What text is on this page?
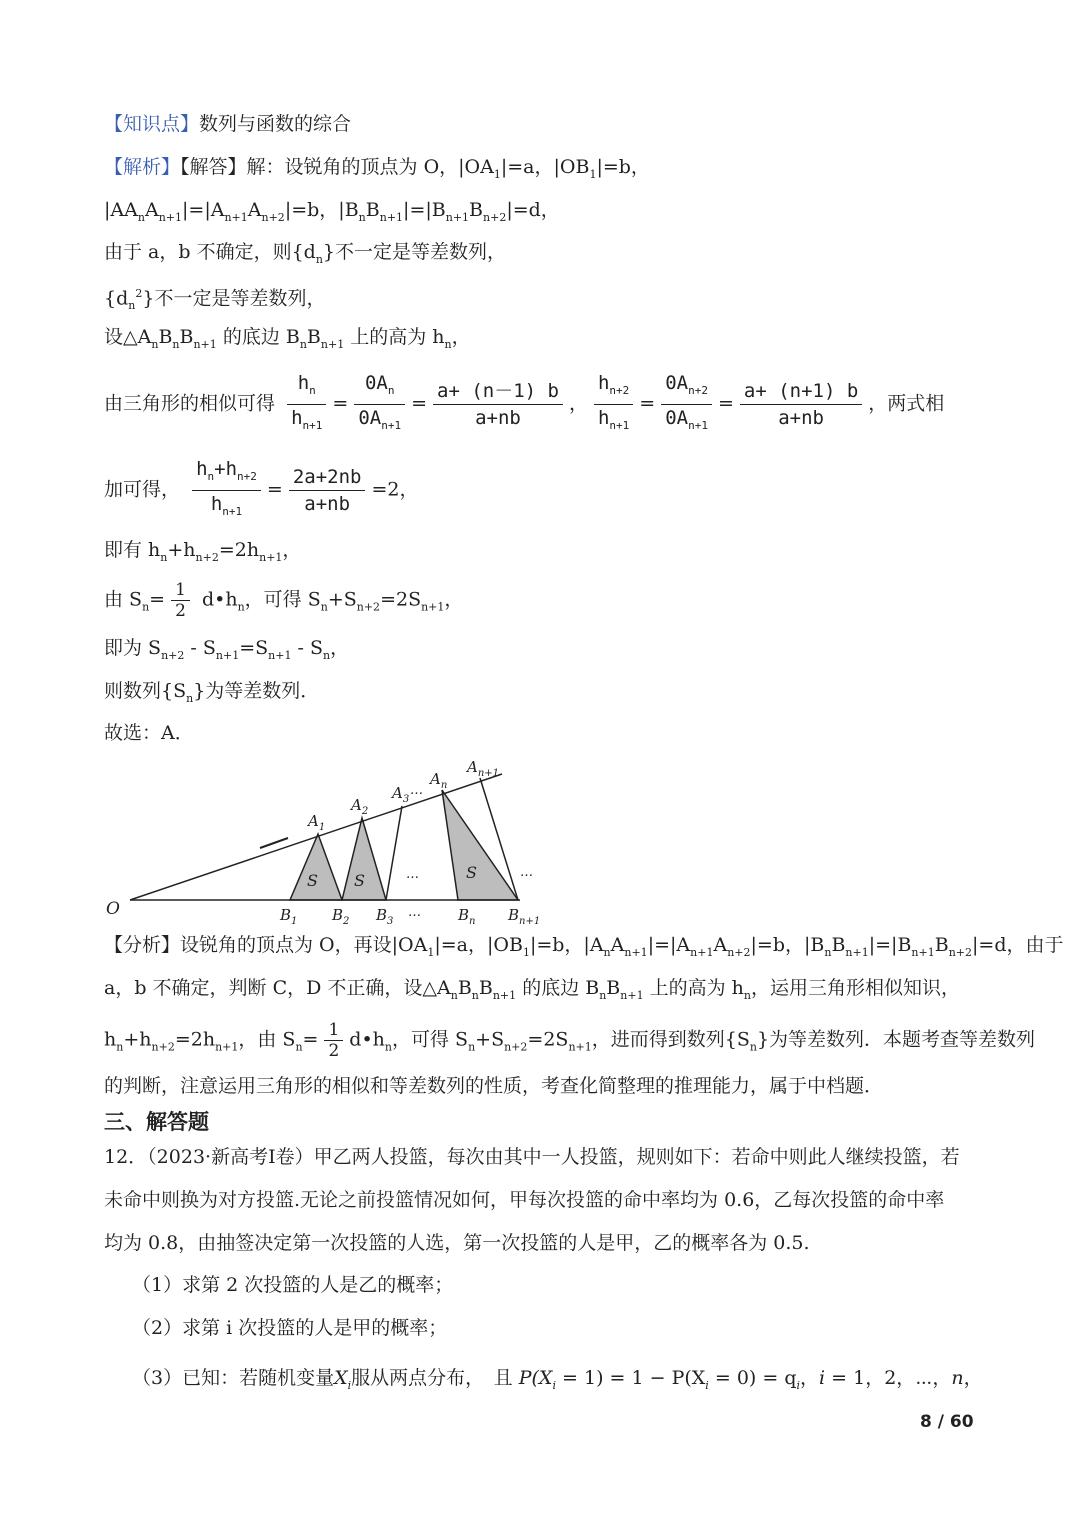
【知识点】数列与函数的综合
【解析】【解答】解：设锐角的顶点为 O，$|OA_1|=a$，$|OB_1|=b$，
$|AA_nA_{n+1}|=|A_{n+1}A_{n+2}|=b$，$|B_nB_{n+1}|=|B_{n+1}B_{n+2}|=d$，
由于 a，b 不确定，则$\{d_n\}$不一定是等差数列，
$\{d_n^2\}$不一定是等差数列，
设$\triangle A_nB_nB_{n+1}$ 的底边 $B_nB_{n+1}$ 上的高为 $h_n$，
由三角形的相似可得 $\frac{h_n}{h_{n+1}} = \frac{0A_n}{0A_{n+1}} = \frac{a+ (n-1) b}{a+nb}$ ， $\frac{h_{n+2}}{h_{n+1}} = \frac{0A_{n+2}}{0A_{n+1}} = \frac{a+ (n+1) b}{a+nb}$ ，两式相
加可得， $\frac{h_n+h_{n+2}}{h_{n+1}} = \frac{2a+2nb}{a+nb} =2$，
即有 $h_n+h_{n+2}=2h_{n+1}$，
由 $S_n= \frac{1}{2}$ $d•h_n$，可得 $S_n+S_{n+2}=2S_{n+1}$，
即为 $S_{n+2} - S_{n+1}=S_{n+1} - S_n$，
则数列$\{S_n\}$为等差数列．
故选：A．
O
$A_1$
$A_2$
$A_3$
…
$A_n$
$A_{n+1}$
S S	S
…	…
$B_1$ $B_2$ $B_3$
… $B_n$ $B_{n+1}$
【分析】设锐角的顶点为 O，再设$|OA_1|=a$，$|OB_1|=b$，$|A_nA_{n+1}|=|A_{n+1}A_{n+2}|=b$，$|B_nB_{n+1}|=|B_{n+1}B_{n+2}|=d$，由于
a，b 不确定，判断 C，D 不正确，设$\triangle A_nB_nB_{n+1}$ 的底边 $B_nB_{n+1}$ 上的高为 $h_n$，运用三角形相似知识，
$h_n+h_{n+2}=2h_{n+1}$，由 $S_n= \frac{1}{2}$ $d•h_n$，可得 $S_n+S_{n+2}=2S_{n+1}$，进而得到数列$\{S_n\}$为等差数列．本题考查等差数列
的判断，注意运用三角形的相似和等差数列的性质，考查化简整理的推理能力，属于中档题．
三、解答题
12．（2023·新高考Ⅰ卷）甲乙两人投篮，每次由其中一人投篮，规则如下：若命中则此人继续投篮，若
未命中则换为对方投篮.无论之前投篮情况如何，甲每次投篮的命中率均为 0.6，乙每次投篮的命中率
均为 0.8，由抽签决定第一次投篮的人选，第一次投篮的人是甲，乙的概率各为 0.5.
（1）求第 2 次投篮的人是乙的概率；
（2）求第 i 次投篮的人是甲的概率；
（3）已知：若随机变量$X_i$服从两点分布，　且 $P(X_i = 1) = 1 - P(X_i = 0) = q_i$，i = 1，2，⋯，n，
8 / 60
